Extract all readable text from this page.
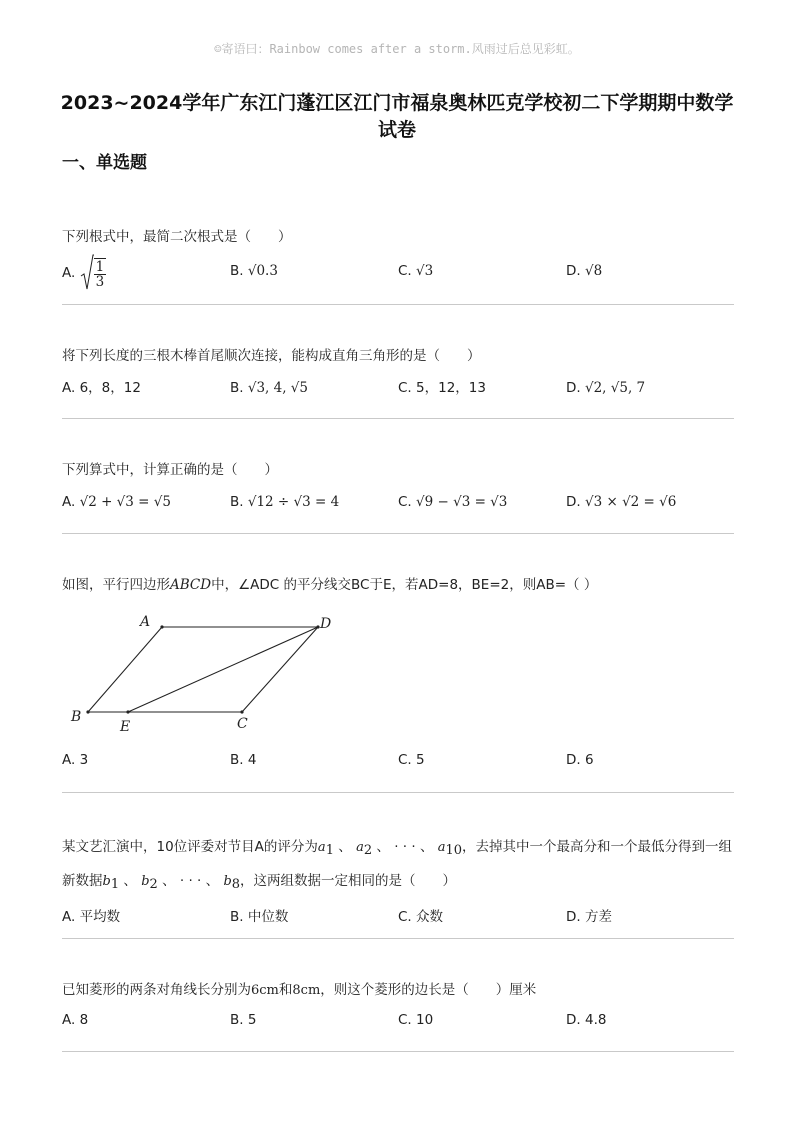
☺寄语曰：Rainbow comes after a storm.风雨过后总见彩虹。
2023~2024学年广东江门蓬江区江门市福泉奥林匹克学校初二下学期期中数学
试卷
一、单选题
下列根式中，最简二次根式是（　　）
A. $\frac{1}{3}$	B. √0.3	C. √3	D. √8
将下列长度的三根木棒首尾顺次连接，能构成直角三角形的是（　　）
A. 6，8，12	B. √3, 4, √5	C. 5，12，13	D. √2, √5, 7
下列算式中，计算正确的是（　　）
A. √2 + √3 = √5	B. √12 ÷ √3 = 4	C. √9 − √3 = √3	D. √3 × √2 = √6
如图，平行四边形ABCD中，∠ADC 的平分线交BC于E，若AD=8，BE=2，则AB=（ ）
A	D
B
E	C
A. 3	B. 4	C. 5	D. 6
某文艺汇演中，10位评委对节目A的评分为a1 、 a2 、 · · · 、 a10，去掉其中一个最高分和一个最低分得到一组
新数据b1 、 b2 、 · · · 、 b8，这两组数据一定相同的是（　　）
A. 平均数	B. 中位数	C. 众数	D. 方差
已知菱形的两条对角线长分别为6cm和8cm，则这个菱形的边长是（　　）厘米
A. 8	B. 5	C. 10	D. 4.8
